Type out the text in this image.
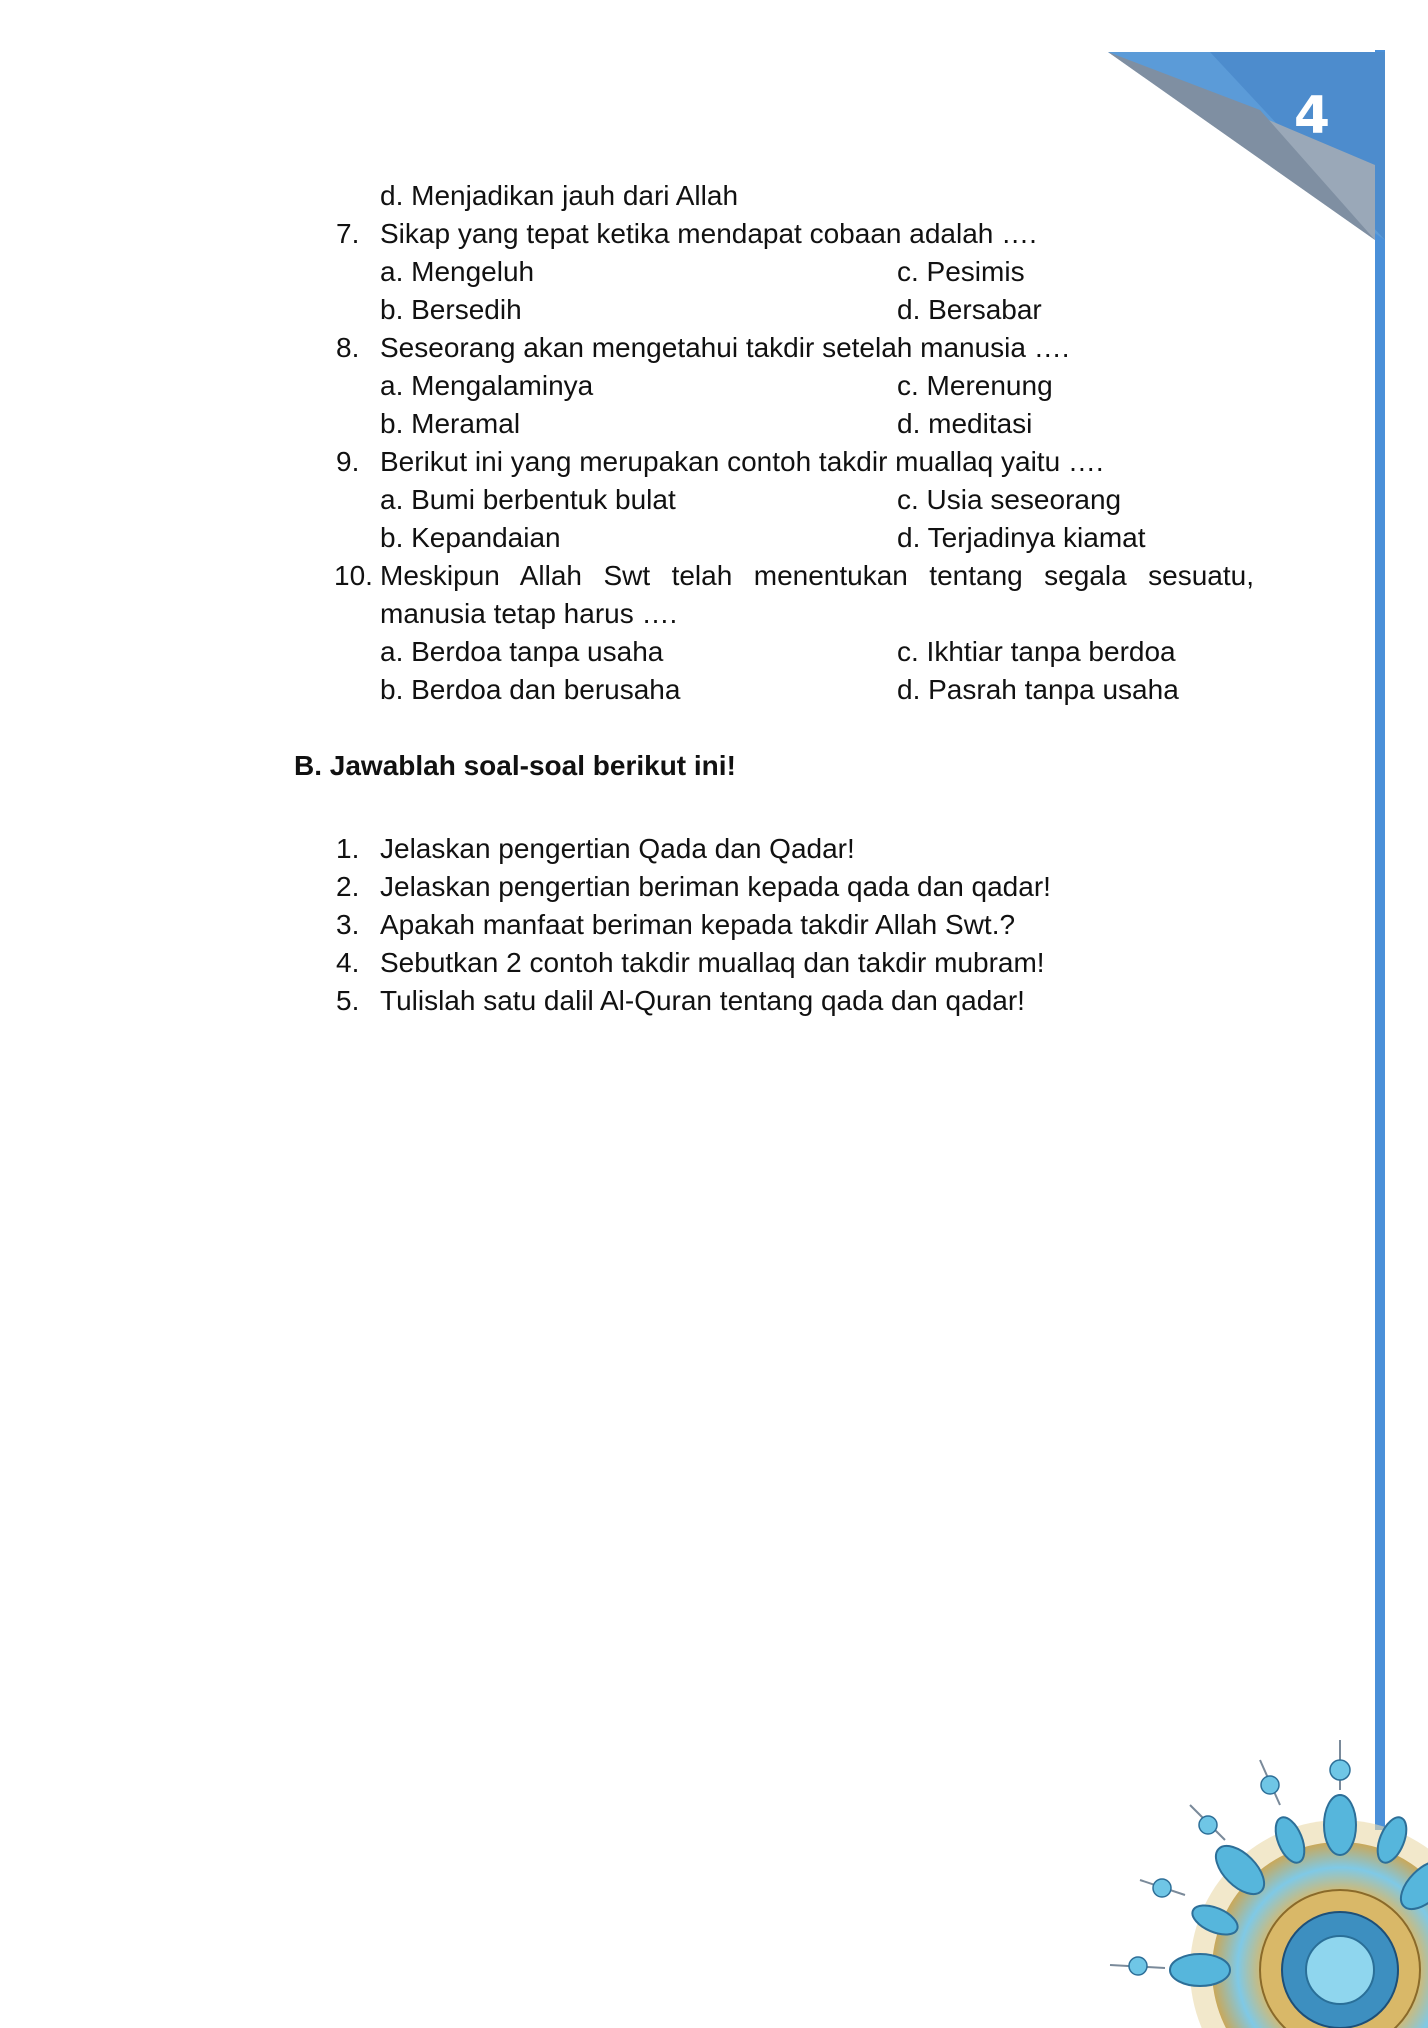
4
d. Menjadikan jauh dari Allah
7. Sikap yang tepat ketika mendapat cobaan adalah ….
a. Mengeluh	c. Pesimis
b. Bersedih	d. Bersabar
8. Seseorang akan mengetahui takdir setelah manusia ….
a. Mengalaminya	c. Merenung
b. Meramal	d. meditasi
9. Berikut ini yang merupakan contoh takdir muallaq yaitu ….
a. Bumi berbentuk bulat	c. Usia seseorang
b. Kepandaian	d. Terjadinya kiamat
10. Meskipun Allah Swt telah menentukan tentang segala sesuatu,
manusia tetap harus ….
a. Berdoa tanpa usaha	c. Ikhtiar tanpa berdoa
b. Berdoa dan berusaha	d. Pasrah tanpa usaha
B. Jawablah soal-soal berikut ini!
1. Jelaskan pengertian Qada dan Qadar!
2. Jelaskan pengertian beriman kepada qada dan qadar!
3. Apakah manfaat beriman kepada takdir Allah Swt.?
4. Sebutkan 2 contoh takdir muallaq dan takdir mubram!
5. Tulislah satu dalil Al-Quran tentang qada dan qadar!
